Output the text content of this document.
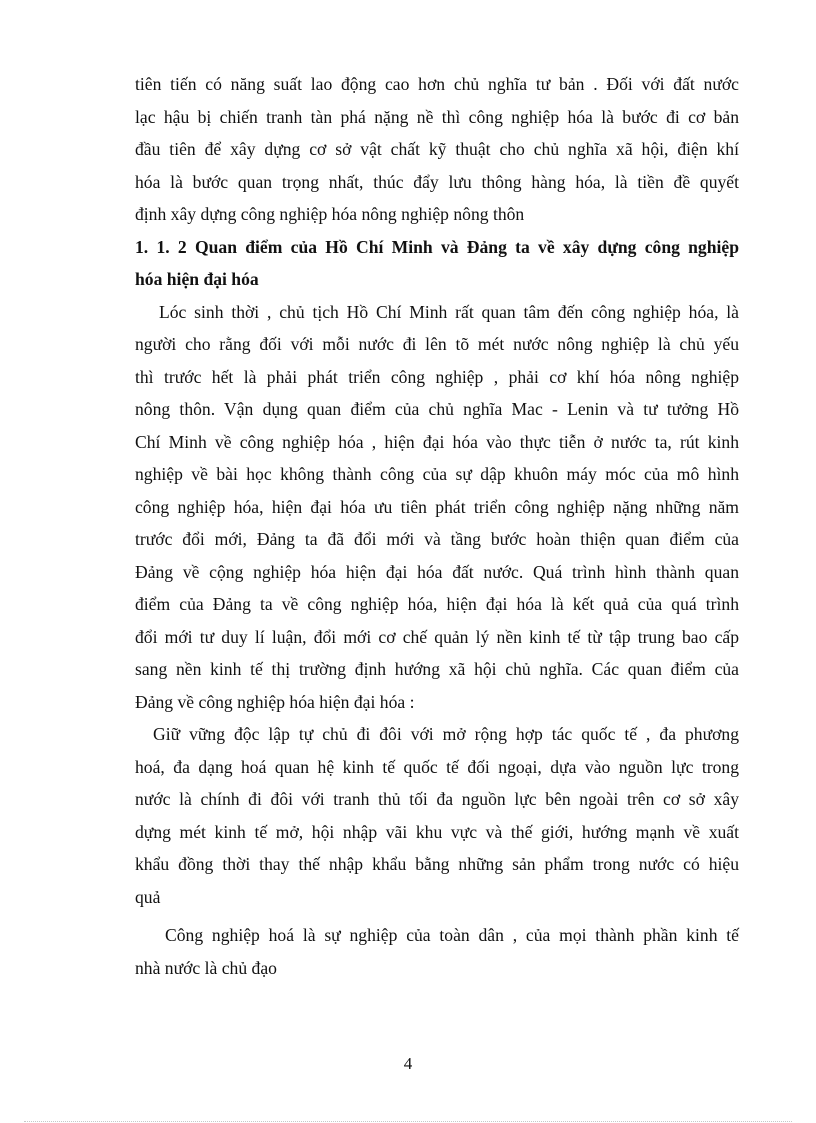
tiên tiến có năng suất lao động cao hơn chủ nghĩa tư bản . Đối với đất nước
lạc hậu bị chiến tranh tàn phá nặng nề thì công nghiệp hóa là bước đi cơ bản
đầu tiên để xây dựng cơ sở vật chất kỹ thuật cho chủ nghĩa xã hội, điện khí
hóa là bước quan trọng nhất, thúc đẩy lưu thông hàng hóa, là tiền đề quyết
định xây dựng công nghiệp hóa nông nghiệp nông thôn
1. 1. 2 Quan điểm của Hồ Chí Minh và Đảng ta về xây dựng công nghiệp
hóa hiện đại hóa
Lóc sinh thời , chủ tịch Hồ Chí Minh rất quan tâm đến công nghiệp hóa, là
người cho rằng đối với mỗi nước đi lên tõ mét nước nông nghiệp là chủ yếu
thì trước hết là phải phát triển công nghiệp , phải cơ khí hóa nông nghiệp
nông thôn. Vận dụng quan điểm của chủ nghĩa Mac - Lenin và tư tưởng Hồ
Chí Minh về công nghiệp hóa , hiện đại hóa vào thực tiễn ở nước ta, rút kinh
nghiệp về bài học không thành công của sự dập khuôn máy móc của mô hình
công nghiệp hóa, hiện đại hóa ưu tiên phát triển công nghiệp nặng những năm
trước đổi mới, Đảng ta đã đổi mới và tầng bước hoàn thiện quan điểm của
Đảng về cộng nghiệp hóa hiện đại hóa đất nước. Quá trình hình thành quan
điểm của Đảng ta về công nghiệp hóa, hiện đại hóa là kết quả của quá trình
đổi mới tư duy lí luận, đổi mới cơ chế quản lý nền kinh tế từ tập trung bao cấp
sang nền kinh tế thị trường định hướng xã hội chủ nghĩa. Các quan điểm của
Đảng về công nghiệp hóa hiện đại hóa :
Giữ vững độc lập tự chủ đi đôi với mở rộng hợp tác quốc tế , đa phương
hoá, đa dạng hoá quan hệ kinh tế quốc tế đối ngoại, dựa vào nguồn lực trong
nước là chính đi đôi với tranh thủ tối đa nguồn lực bên ngoài trên cơ sở xây
dựng mét kinh tế mở, hội nhập vãi khu vực và thế giới, hướng mạnh về xuất
khẩu đồng thời thay thế nhập khẩu bằng những sản phẩm trong nước có hiệu
quả
Công nghiệp hoá là sự nghiệp của toàn dân , của mọi thành phần kinh tế
nhà nước là chủ đạo
4
